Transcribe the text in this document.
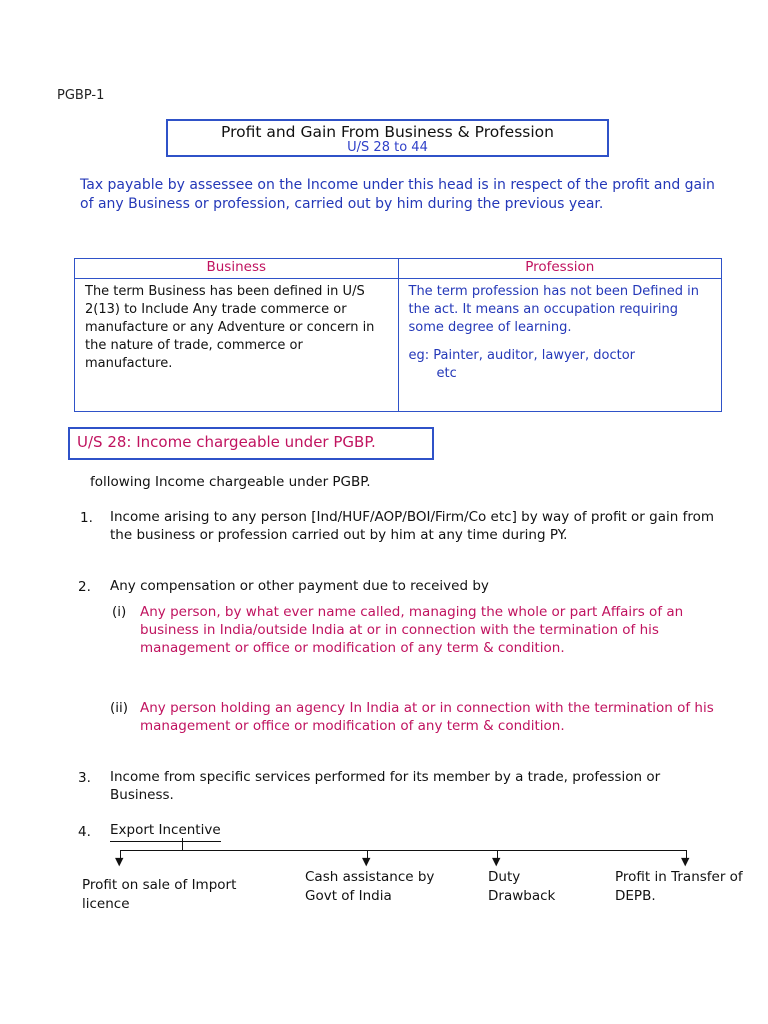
PGBP-1
Profit and Gain From Business & Profession
U/S 28 to 44
Tax payable by assessee on the Income under this head is in respect of the profit and gain of any Business or profession, carried out by him during the previous year.
Business	Profession
The term Business has been defined in U/S 2(13) to Include Any trade commerce or manufacture or any Adventure or concern in the nature of trade, commerce or manufacture.	The term profession has not been Defined in the act. It means an occupation requiring some degree of learning.
eg: Painter, auditor, lawyer, doctor
etc
U/S 28: Income chargeable under PGBP.
following Income chargeable under PGBP.
1. Income arising to any person [Ind/HUF/AOP/BOI/Firm/Co etc] by way of profit or gain from the business or profession carried out by him at any time during PY.
2. Any compensation or other payment due to received by
(i) Any person, by what ever name called, managing the whole or part Affairs of an business in India/outside India at or in connection with the termination of his management or office or modification of any term & condition.
(ii) Any person holding an agency In India at or in connection with the termination of his management or office or modification of any term & condition.
3. Income from specific services performed for its member by a trade, profession or Business.
4. Export Incentive
▼	▼	▼	▼
Profit on sale of Import licence
Cash assistance by Govt of India
Duty Drawback
Profit in Transfer of DEPB.
